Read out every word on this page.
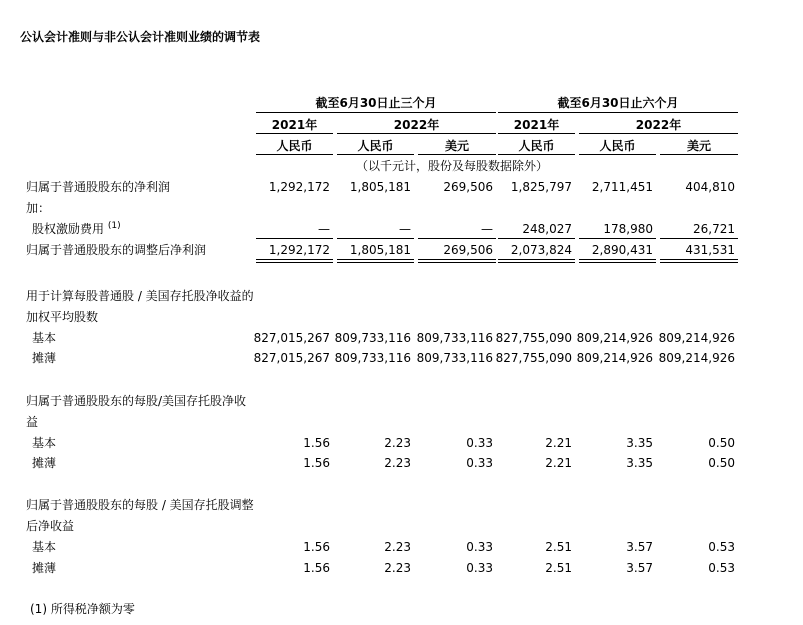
公认会计准则与非公认会计准则业绩的调节表
截至6月30日止三个月	截至6月30日止六个月
2021年	2022年	2021年	2022年
人民币	人民币	美元	人民币	人民币	美元
（以千元计，股份及每股数据除外）
归属于普通股股东的净利润	1,292,172	1,805,181	269,506	1,825,797	2,711,451	404,810
加：
股权激励费用 $^{(1)}$	—	—	—	248,027	178,980	26,721
归属于普通股股东的调整后净利润	1,292,172	1,805,181	269,506	2,073,824	2,890,431	431,531
用于计算每股普通股 / 美国存托股净收益的
加权平均股数
基本	827,015,267 809,733,116 809,733,116 827,755,090 809,214,926 809,214,926
摊薄	827,015,267 809,733,116 809,733,116 827,755,090 809,214,926 809,214,926
归属于普通股股东的每股/美国存托股净收
益
基本	1.56	2.23	0.33	2.21	3.35	0.50
摊薄	1.56	2.23	0.33	2.21	3.35	0.50
归属于普通股股东的每股 / 美国存托股调整
后净收益
基本	1.56	2.23	0.33	2.51	3.57	0.53
摊薄	1.56	2.23	0.33	2.51	3.57	0.53
(1) 所得税净额为零
